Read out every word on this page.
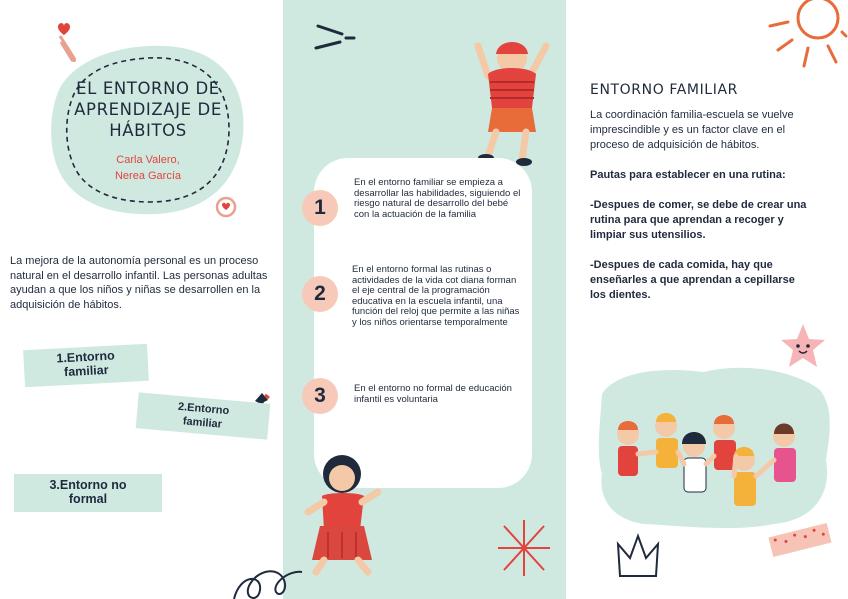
EL ENTORNO DE
APRENDIZAJE DE
HÁBITOS
Carla Valero,
Nerea García
La mejora de la autonomía personal es un proceso natural en el desarrollo infantil. Las personas adultas ayudan a que los niños y niñas se desarrollen en la adquisición de hábitos.
1.Entorno
familiar
2.Entorno
familiar
3.Entorno no
formal
1
En el entorno familiar se empieza a desarrollar las habilidades, siguiendo el riesgo natural de desarrollo del bebé con la actuación de la familia
2
En el entorno formal las rutinas o actividades de la vida cot diana forman el eje central de la programación educativa en la escuela infantil, una función del reloj que permite a las niñas y los niños orientarse temporalmente
3	En el entorno no formal de educación infantil es voluntaria
ENTORNO FAMILIAR
La coordinación familia-escuela se vuelve imprescindible y es un factor clave en el proceso de adquisición de hábitos.
Pautas para establecer en una rutina:
-Despues de comer, se debe de crear una rutina para que aprendan a recoger y limpiar sus utensilios.
-Despues de cada comida, hay que enseñarles a que aprendan a cepillarse los dientes.
